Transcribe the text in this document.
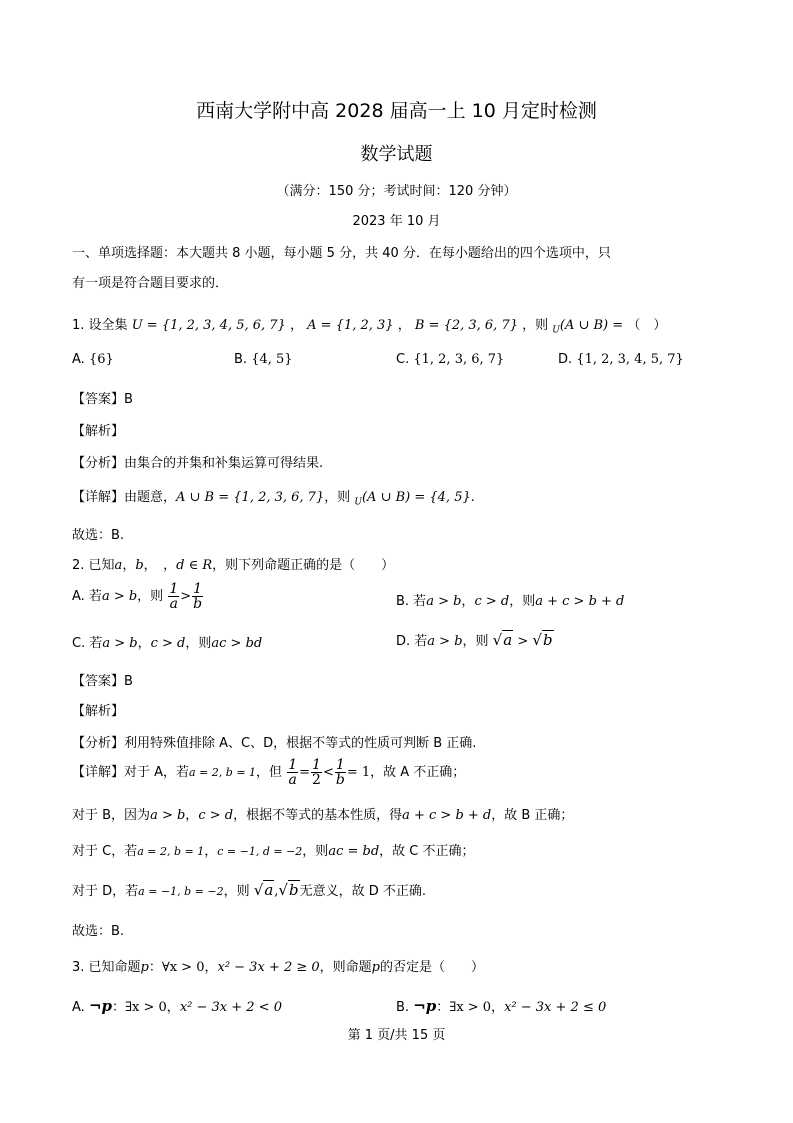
西南大学附中高 2028 届高一上 10 月定时检测
数学试题
（满分：150 分；考试时间：120 分钟）
2023 年 10 月
一、单项选择题：本大题共 8 小题，每小题 5 分，共 40 分．在每小题给出的四个选项中，只
有一项是符合题目要求的．
1. 设全集 U = {1, 2, 3, 4, 5, 6, 7} ， A = {1, 2, 3} ， B = {2, 3, 6, 7} ，则 $_U$(A ∪ B) = （　）
A. {6}	B. {4, 5}	C. {1, 2, 3, 6, 7}	D. {1, 2, 3, 4, 5, 7}
【答案】B
【解析】
【分析】由集合的并集和补集运算可得结果.
【详解】由题意，A ∪ B = {1, 2, 3, 6, 7}，则 $_U$(A ∪ B) = {4, 5}.
故选：B.
2. 已知a，b，　，d ∈ R，则下列命题正确的是（　　）
A. 若a > b，则 $\frac{1}{a} > \frac{1}{b}$	B. 若a > b，c > d，则a + c > b + d
C. 若a > b，c > d，则ac > bd	D. 若a > b，则 √a > √b
【答案】B
【解析】
【分析】利用特殊值排除 A、C、D，根据不等式的性质可判断 B 正确.
【详解】对于 A，若a = 2, b = 1，但 $\frac{1}{a} = \frac{1}{2} < \frac{1}{b} = 1$，故 A 不正确；
对于 B，因为a > b，c > d，根据不等式的基本性质，得a + c > b + d，故 B 正确；
对于 C，若a = 2, b = 1，c = −1, d = −2，则ac = bd，故 C 不正确；
对于 D，若a = −1, b = −2，则 √a,√b无意义，故 D 不正确.
故选：B.
3. 已知命题p：∀x > 0，x² − 3x + 2 ≥ 0，则命题p的否定是（　　）
A. ¬p：∃x > 0，x² − 3x + 2 < 0	B. ¬p：∃x > 0，x² − 3x + 2 ≤ 0
第 1 页/共 15 页
